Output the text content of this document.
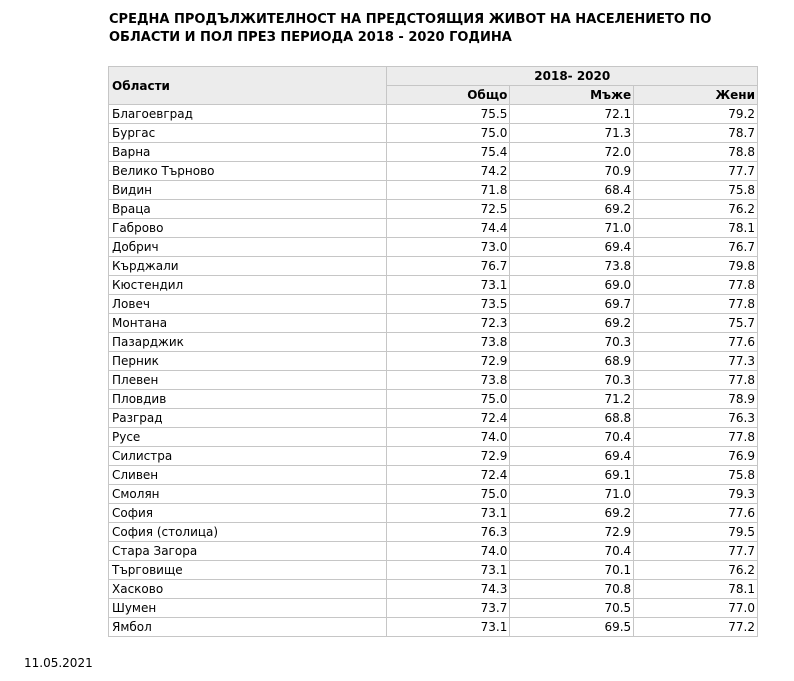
СРЕДНА ПРОДЪЛЖИТЕЛНОСТ НА ПРЕДСТОЯЩИЯ ЖИВОТ НА НАСЕЛЕНИЕТО ПО
ОБЛАСТИ И ПОЛ ПРЕЗ ПЕРИОДА 2018 - 2020 ГОДИНА
Области	2018- 2020		
	Общо	Мъже	Жени
Благоевград	75.5	72.1	79.2
Бургас	75.0	71.3	78.7
Варна	75.4	72.0	78.8
Велико Търново	74.2	70.9	77.7
Видин	71.8	68.4	75.8
Враца	72.5	69.2	76.2
Габрово	74.4	71.0	78.1
Добрич	73.0	69.4	76.7
Кърджали	76.7	73.8	79.8
Кюстендил	73.1	69.0	77.8
Ловеч	73.5	69.7	77.8
Монтана	72.3	69.2	75.7
Пазарджик	73.8	70.3	77.6
Перник	72.9	68.9	77.3
Плевен	73.8	70.3	77.8
Пловдив	75.0	71.2	78.9
Разград	72.4	68.8	76.3
Русе	74.0	70.4	77.8
Силистра	72.9	69.4	76.9
Сливен	72.4	69.1	75.8
Смолян	75.0	71.0	79.3
София	73.1	69.2	77.6
София (столица)	76.3	72.9	79.5
Стара Загора	74.0	70.4	77.7
Търговище	73.1	70.1	76.2
Хасково	74.3	70.8	78.1
Шумен	73.7	70.5	77.0
Ямбол	73.1	69.5	77.2
11.05.2021
